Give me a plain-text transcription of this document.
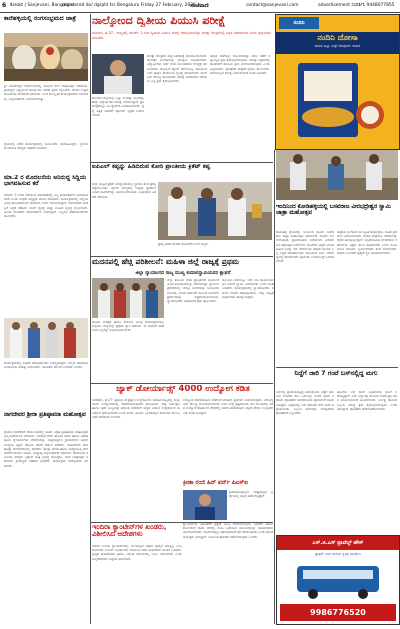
6 ಕೋಲಾರ | Sanjevani, Bangalore
registered do/ dgrphl tsr Bengaluru Friday 27 February, 2026
ಸಂಜೆವಾಣಿ	contact@sanjevani.com	advertisement ಸಂಪರ್ಕಿಸಿ 9448077855
ಕಾರೆಹಳ್ಳಿಯಲ್ಲಿ ರಂಗಸಂಭ್ರಮದ ಜಾತ್ರೆ
ಶ್ರೀ ಸೋಮೇಶ್ವರ ದೇವಾಲಯದಲ್ಲಿ ವಾರ್ಷಿಕ ರಂಗ ಮಹೋತ್ಸವ ನಡೆಯಿತು. ಗ್ರಾಮಸ್ಥರು ಭಕ್ತಿಯಿಂದ ಪಾಲ್ಗೊಂಡು ವಿಶೇಷ ಪೂಜೆ ಸಲ್ಲಿಸಿದರು. ದೇವರ ಉತ್ಸವ ಮೂರ್ತಿಯ ಮೆರವಣಿಗೆ ನಡೆಯಿತು. ಸಂಜೆ ಸಾಂಸ್ಕೃತಿಕ ಕಾರ್ಯಕ್ರಮಗಳು ಜರುಗಿದವು. ಅನ್ನಸಂತರ್ಪಣೆ ಏರ್ಪಡಿಸಲಾಗಿತ್ತು.
ನಾಲ್ಕೋಂದ ದ್ವಿತೀಯ ಪಿಯುಸಿ ಪರೀಕ್ಷೆ
ಕೋಲಾರ, ಫೆ.27 - ರಾಜ್ಯದಲ್ಲಿ ಮಾರ್ಚ್ 1 ರಿಂದ ದ್ವಿತೀಯ ಪಿಯುಸಿ ಪರೀಕ್ಷೆ ಆರಂಭವಾಗಲಿದ್ದು ಪರೀಕ್ಷಾ ಕೇಂದ್ರಗಳಲ್ಲಿ ಸಿದ್ಧತೆ ನಡೆಸಲಾಗಿದೆ ಎಂದು ಜಿಲ್ಲಾಧಿಕಾರಿ ತಿಳಿಸಿದರು.
ಕೋಲಾರ ಜಿಲ್ಲೆಯಲ್ಲಿ ಒಟ್ಟು ನಲವತ್ತು ಸಾವಿರಕ್ಕೂ ಹೆಚ್ಚು ವಿದ್ಯಾರ್ಥಿಗಳು ಪರೀಕ್ಷೆ ಬರೆಯಲಿದ್ದಾರೆ. ಪ್ರತಿ ಕೇಂದ್ರದಲ್ಲೂ ಸಿಸಿ ಕ್ಯಾಮೆರಾ ಅಳವಡಿಸಲಾಗಿದೆ. ಪ್ರಶ್ನೆ ಪತ್ರಿಕೆ ಸಾಗಣೆಗೆ ಪೊಲೀಸ್ ಭದ್ರತೆ ಒದಗಿಸಲಾಗಿದೆ.
ಪರೀಕ್ಷಾ ಕೇಂದ್ರಗಳ ಸುತ್ತ ನಿಷೇಧಾಜ್ಞೆ ಜಾರಿಗೊಳಿಸಲಾಗಿದೆ. ಝೆರಾಕ್ಸ್ ಅಂಗಡಿಗಳನ್ನು ಮುಚ್ಚಲು ಸೂಚಿಸಲಾಗಿದೆ. ವಿದ್ಯಾರ್ಥಿಗಳು ಅರ್ಧ ಗಂಟೆ ಮುಂಚಿತವಾಗಿ ಕೇಂದ್ರಕ್ಕೆ ಆಗಮಿಸಬೇಕು. ಮೊಬೈಲ್ ಫೋನ್ ತರುವಂತಿಲ್ಲ. ಕುಡಿಯುವ ನೀರು ಹಾಗೂ ಶೌಚಾಲಯ ವ್ಯವಸ್ಥೆ ಮಾಡಲಾಗಿದೆ. ಸಾರಿಗೆ ಬಸ್ ಸೌಲಭ್ಯ ಕಲ್ಪಿಸಲಾಗಿದೆ. ಪರೀಕ್ಷೆ ಸುಗಮವಾಗಿ ನಡೆಯಲು ಎಲ್ಲ ಕ್ರಮ ಕೈಗೊಳ್ಳಲಾಗಿದೆ.
ಜಾಗೃತ ದಳಗಳನ್ನು ನೇಮಿಸಲಾಗಿದ್ದು ನಕಲು ತಡೆಗೆ ಕಟ್ಟುನಿಟ್ಟಿನ ಕ್ರಮ ಕೈಗೊಳ್ಳಲಾಗುವುದು. ಪರೀಕ್ಷಾ ಅಕ್ರಮದಲ್ಲಿ ತೊಡಗಿದರೆ ಕಾನೂನು ಕ್ರಮ ಜರುಗಿಸಲಾಗುವುದು ಎಂದು ಎಚ್ಚರಿಸಿದರು. ಪೋಷಕರು ಮಕ್ಕಳಿಗೆ ಧೈರ್ಯ ತುಂಬಬೇಕು. ಆತಂಕವಿಲ್ಲದೆ ಪರೀಕ್ಷೆ ಎದುರಿಸುವಂತೆ ಸಲಹೆ ನೀಡಿದರು.
ನಂದಿನಿ
ನಂದಿನಿ ದೋಸಾ
ದೋಸೆ ಹಿಟ್ಟು ಮಿಕ್ಸ್ ಪರಿಪೂರ್ಣ ದೋಸೆ
ಗ್ರಾಮದಲ್ಲಿ ನಡೆದ ಕಾರ್ಯಕ್ರಮದಲ್ಲಿ ಮುಖಂಡರು ಭಾಗವಹಿಸಿದ್ದರು. ಸ್ಥಳೀಯ ಪಂಚಾಯಿತಿ ಸದಸ್ಯರು ಸಹಕಾರ ನೀಡಿದರು.
ಮಾ.2 ರ ಮೊದಲನೆಯ ಅನಿರುದ್ದ ಸಿದ್ದಿಯ ಭಾಗವಹಿಸುವ ಕರೆ
ಮಾರ್ಚ್ 2 ರಂದು ನಡೆಯುವ ಸಮಾವೇಶದಲ್ಲಿ ಎಲ್ಲ ಕಾರ್ಯಕರ್ತರು ಭಾಗವಹಿಸಬೇಕು ಎಂದು ಸಂಘದ ಅಧ್ಯಕ್ಷರು ಮನವಿ ಮಾಡಿದರು. ಕಾರ್ಯಕ್ರಮದಲ್ಲಿ ಜಿಲ್ಲೆಯ ವಿವಿಧ ತಾಲೂಕುಗಳಿಂದ ಸಾವಿರಾರು ಜನರು ಆಗಮಿಸಲಿದ್ದಾರೆ. ಸಮಾವೇಶದ ಯಶಸ್ಸಿಗೆ ಸಿದ್ಧತೆ ನಡೆದಿದೆ. ಸಾರಿಗೆ ವ್ಯವಸ್ಥೆ ಮತ್ತು ಊಟದ ವ್ಯವಸ್ಥೆ ಕಲ್ಪಿಸಲಾಗಿದೆ. ಹಿರಿಯ ನಾಯಕರು ಮಾರ್ಗದರ್ಶನ ನೀಡಲಿದ್ದಾರೆ. ಎಲ್ಲರೂ ಸಹಕರಿಸಬೇಕೆಂದು ಕೋರಿದರು.
ಕಾರ್ಯಕ್ರಮದಲ್ಲಿ ಸಂಘದ ಪದಾಧಿಕಾರಿಗಳು ಉಪಸ್ಥಿತರಿದ್ದರು. ಗಣ್ಯರು ಮಾತನಾಡಿ ಸಂಘಟನೆಯ ಮಹತ್ವ ವಿವರಿಸಿದರು. ಯುವಕರು ಮುಂದೆ ಬರಬೇಕು ಎಂದರು.
ನಾಗದೇವರ ಶ್ರೀರಾ ಪ್ರತಿಷ್ಠಾಪನಾ ಮಹೋತ್ಸವ
ಗ್ರಾಮದ ನಾಗದೇವರ ದೇವಾಲಯದಲ್ಲಿ ನೂತನ ವಿಗ್ರಹ ಪ್ರತಿಷ್ಠಾಪನಾ ಮಹೋತ್ಸವ ವಿಜೃಂಭಣೆಯಿಂದ ನಡೆಯಿತು. ಬೆಳಗ್ಗೆಯಿಂದಲೇ ಹೋಮ ಹವನ ಹಾಗೂ ವಿಶೇಷ ಪೂಜಾ ಕೈಂಕರ್ಯಗಳು ನೆರವೇರಿದವು. ಸುತ್ತಮುತ್ತಲಿನ ಗ್ರಾಮಗಳಿಂದ ಅಪಾರ ಸಂಖ್ಯೆಯ ಭಕ್ತರು ಆಗಮಿಸಿ ದೇವರ ದರ್ಶನ ಪಡೆದರು. ಮಹಿಳೆಯರು ಕಳಸ ಹೊತ್ತು ಮೆರವಣಿಗೆಯಲ್ಲಿ ಸಾಗಿದರು. ಡೊಳ್ಳು ಕುಣಿತ ಹಾಗೂ ವಾದ್ಯಗೋಷ್ಠಿ ಮೆರವಣಿಗೆಗೆ ಮೆರುಗು ನೀಡಿತು. ಮಧ್ಯಾಹ್ನ ಅನ್ನಸಂತರ್ಪಣೆ ನಡೆಯಿತು. ದೇವಾಲಯ ಸಮಿತಿಯ ಸದಸ್ಯರು ಭಕ್ತರಿಗೆ ಸೂಕ್ತ ವ್ಯವಸ್ಥೆ ಕಲ್ಪಿಸಿದ್ದರು. ಸಂಜೆ ದೀಪೋತ್ಸವ ನಡೆಯಿತು. ಗ್ರಾಮಸ್ಥರು ಸಹಕಾರ ನೀಡಿದರು. ಕಾರ್ಯಕ್ರಮ ಯಶಸ್ವಿಯಾಗಿ ನೆರವೇರಿತು.
ಐಪಿಎಲ್ ಕಪ್ಪನ್ನು ಹಿಡಿದಿರುವ ಕೋರಿ ಪ್ರಾಂತೀಯ ಕ್ರಿಕೆಟ್ ಕಪ್ಪ
ಜಿಲ್ಲಾ ಮಟ್ಟದ ಕ್ರಿಕೆಟ್ ಪಂದ್ಯಾವಳಿಯಲ್ಲಿ ಸ್ಥಳೀಯ ತಂಡ ಪ್ರಶಸ್ತಿ ಗೆದ್ದುಕೊಂಡಿತು. ಫೈನಲ್ ಪಂದ್ಯದಲ್ಲಿ ಉತ್ತಮ ಪ್ರದರ್ಶನ ನೀಡಿದ ಆಟಗಾರರನ್ನು ಅಭಿನಂದಿಸಲಾಯಿತು. ಬಹುಮಾನ ವಿತರಣೆ ನಡೆಯಿತು.
ಪ್ರಶಸ್ತಿ ಪಡೆದ ತಂಡದ ಆಟಗಾರರೊಂದಿಗೆ ಗಣ್ಯರು.
ಇಂದಿನಿಂದ ಕೋಡಿಹಳ್ಳಿಯಲ್ಲಿ ಬಸವರಾಜ ವೀರಭದ್ರೇಶ್ವರ ಸ್ವಾಮಿ ಜಾತ್ರಾ ಮಹೋತ್ಸವ
ಕೋಡಿಹಳ್ಳಿ ಗ್ರಾಮದಲ್ಲಿ ಇಂದಿನಿಂದ ಮೂರು ದಿನಗಳ ಕಾಲ ಜಾತ್ರಾ ಮಹೋತ್ಸವ ನಡೆಯಲಿದೆ. ಮೊದಲ ದಿನ ಗಂಗಾಪೂಜೆ, ಧ್ವಜಾರೋಹಣ ನಡೆಯಲಿದೆ. ಎರಡನೇ ದಿನ ರಥೋತ್ಸವ ಜರುಗಲಿದೆ. ಸಾವಿರಾರು ಭಕ್ತರು ಭಾಗವಹಿಸುವ ನಿರೀಕ್ಷೆ ಇದೆ. ದೇವಾಲಯ ಆಡಳಿತ ಮಂಡಳಿ ಎಲ್ಲ ಸಿದ್ಧತೆ ಮಾಡಿಕೊಂಡಿದೆ. ಕುಡಿಯುವ ನೀರು, ನೆರಳಿನ ವ್ಯವಸ್ಥೆ ಮಾಡಲಾಗಿದೆ. ಪೊಲೀಸ್ ಬಂದೋಬಸ್ತ್ ಒದಗಿಸಲಾಗಿದೆ.
ಜಾತ್ರೆಯ ಅಂಗವಾಗಿ ಸಾಂಸ್ಕೃತಿಕ ಕಾರ್ಯಕ್ರಮ, ನಾಟಕ ಪ್ರದರ್ಶನ ಏರ್ಪಡಿಸಲಾಗಿದೆ. ದನಗಳ ಜಾತ್ರೆಯೂ ನಡೆಯಲಿದ್ದು ರೈತರು ಪಾಲ್ಗೊಳ್ಳಲಿದ್ದಾರೆ. ಅನ್ನದಾಸೋಹ ನಿರಂತರವಾಗಿ ನಡೆಯಲಿದೆ. ಭಕ್ತರು ಶಾಂತಿ ಕಾಪಾಡಬೇಕು ಎಂದು ಸಮಿತಿ ಮನವಿ ಮಾಡಿದೆ. ಸ್ವಯಂಸೇವಕರ ತಂಡ ರಚಿಸಲಾಗಿದೆ. ವಾಹನ ನಿಲುಗಡೆಗೆ ಪ್ರತ್ಯೇಕ ಸ್ಥಳ ನಿಗದಿಪಡಿಸಲಾಗಿದೆ.
ಮದನಪಲ್ಲಿ ಹೆಚ್ಚಿ ಪರಿಶೀಲನೆ: ಮಹಿಳಾ ಜಿಲ್ಲೆ ರಾಜ್ಯಕ್ಕೆ ಪ್ರಥಮ
ಜಿಲ್ಲಾ ನ್ಯಾಯಾಂಗದ ರಾಜ್ಯ ಮುಖ್ಯ ಕುಮಾರಸ್ವಾಮಿಯವರ ಶ್ಲಾಘನೆ
ಮಹಿಳಾ ಸುರಕ್ಷತೆ ಹಾಗೂ ಕಾನೂನು ಅರಿವು ಕಾರ್ಯಕ್ರಮಗಳಲ್ಲಿ ಜಿಲ್ಲೆಯು ರಾಜ್ಯದಲ್ಲೇ ಪ್ರಥಮ ಸ್ಥಾನ ಪಡೆದಿದೆ. ಈ ಸಾಧನೆಗೆ ಸಹಕರಿಸಿದ ಎಲ್ಲರನ್ನು ಅಭಿನಂದಿಸಲಾಯಿತು.
ಜಿಲ್ಲಾ ಕಾನೂನು ಸೇವಾ ಪ್ರಾಧಿಕಾರದ ವತಿಯಿಂದ ವಿವಿಧ ಅಭಿಯಾನಗಳನ್ನು ನಡೆಸಲಾಗಿತ್ತು. ಗ್ರಾಮೀಣ ಪ್ರದೇಶಗಳಲ್ಲಿ ಜಾಗೃತಿ ಶಿಬಿರಗಳನ್ನು ಆಯೋಜಿಸಲಾಯಿತು. ಲೋಕ ಅದಾಲತ್ ಮೂಲಕ ಸಾವಿರಾರು ಪ್ರಕರಣಗಳನ್ನು ಇತ್ಯರ್ಥಪಡಿಸಲಾಯಿತು. ನ್ಯಾಯಾಧೀಶರು ಅಧಿಕಾರಿಗಳ ಶ್ರಮ ಶ್ಲಾಘಿಸಿದರು.
ಮುಂದಿನ ದಿನಗಳಲ್ಲೂ ಇದೇ ರೀತಿ ಕಾರ್ಯನಿರ್ವಹಿಸಿ ಜನರಿಗೆ ನ್ಯಾಯ ಒದಗಿಸಬೇಕು ಎಂದು ಸಲಹೆ ನೀಡಿದರು. ಕಾರ್ಯಕ್ರಮದಲ್ಲಿ ನ್ಯಾಯಾಧೀಶರು, ವಕೀಲರ ಸಂಘದ ಪದಾಧಿಕಾರಿಗಳು, ಜಿಲ್ಲಾ ಮಟ್ಟದ ಅಧಿಕಾರಿಗಳು ಪಾಲ್ಗೊಂಡಿದ್ದರು.
ನಿದ್ದೆಗೆ ಜಾರಿ 7 ಗಂಟೆ ಬಸ್‌ನಲ್ಲಿದ್ದ ಮಗು
ಬಸ್‌ನಲ್ಲಿ ಪ್ರಯಾಣಿಸುತ್ತಿದ್ದ ಮಗುವೊಂದು ನಿದ್ದೆಗೆ ಜಾರಿ ಏಳು ಗಂಟೆಗಳ ಕಾಲ ಬಸ್‌ನಲ್ಲೇ ಉಳಿದ ಘಟನೆ ನಡೆದಿದೆ. ಪೋಷಕರು ಆತಂಕಗೊಂಡು ಪೊಲೀಸರಿಗೆ ದೂರು ನೀಡಿದ್ದರು. ಡಿಪೋದಲ್ಲಿ ಬಸ್ ತಪಾಸಣೆ ವೇಳೆ ಮಗು ಪತ್ತೆಯಾಯಿತು. ಸಿಬ್ಬಂದಿ ಮಗುವನ್ನು ಸುರಕ್ಷಿತವಾಗಿ ಪೋಷಕರಿಗೆ ಒಪ್ಪಿಸಿದರು.
ಘಟನೆಯ ಬಗ್ಗೆ ಸಾರಿಗೆ ಅಧಿಕಾರಿಗಳು ತನಿಖೆ ನಡೆಸುತ್ತಿದ್ದಾರೆ. ಬಸ್ ನಿಲ್ದಾಣಕ್ಕೆ ತಲುಪಿದ ನಂತರ ಪ್ರತಿ ಆಸನ ಪರಿಶೀಲಿಸುವಂತೆ ಸೂಚಿಸಲಾಗಿದೆ. ನಿರ್ಲಕ್ಷ್ಯ ತೋರಿದ ಸಿಬ್ಬಂದಿ ವಿರುದ್ಧ ಕ್ರಮ ಕೈಗೊಳ್ಳಲಾಗುವುದು ಎಂದು ತಿಳಿಸಿದ್ದಾರೆ. ಪೋಷಕರು ಜಾಗರೂಕರಾಗಿರಬೇಕು.
ಜ್ಯಾಕ್‌ ಡೋರ್ಯಾಡ್ಸ್ 4000 ಉದ್ಯೋಗ ಕಡಿತ
ನವದೆಹಲಿ, ಫೆ.27- ಪ್ರಮುಖ ತಂತ್ರಜ್ಞಾನ ಸಂಸ್ಥೆಯೊಂದು ಜಾಗತಿಕ ಮಟ್ಟದಲ್ಲಿ ನಾಲ್ಕು ಸಾವಿರ ಉದ್ಯೋಗಗಳನ್ನು ಕಡಿತಗೊಳಿಸುವುದಾಗಿ ಘೋಷಿಸಿದೆ. ವೆಚ್ಚ ನಿಯಂತ್ರಣ ಹಾಗೂ ಕೃತಕ ಬುದ್ಧಿಮತ್ತೆ ಆಧಾರಿತ ಸೇವೆಗಳಿಗೆ ಆದ್ಯತೆ ನೀಡುವ ಉದ್ದೇಶದಿಂದ ಈ ನಿರ್ಧಾರ ಕೈಗೊಳ್ಳಲಾಗಿದೆ ಎಂದು ಕಂಪನಿ ತಿಳಿಸಿದೆ. ಭಾರತದಲ್ಲಿನ ಕಚೇರಿಗಳ ಮೇಲೂ ಇದರ ಪರಿಣಾಮ ಬೀರಲಿದೆ.
ಉದ್ಯೋಗ ಕಳೆದುಕೊಳ್ಳುವ ನೌಕರರಿಗೆ ಪರಿಹಾರ ಪ್ಯಾಕೇಜ್ ನೀಡಲಾಗುವುದು. ಆರೋಗ್ಯ ವಿಮೆ ಸೌಲಭ್ಯ ಮುಂದುವರಿಯಲಿದೆ ಎಂದು ಸಂಸ್ಥೆ ಸ್ಪಷ್ಟಪಡಿಸಿದೆ. ಐಟಿ ವಲಯದಲ್ಲಿ ಸತತ ಉದ್ಯೋಗ ಕಡಿತದಿಂದ ನೌಕರರಲ್ಲಿ ಆತಂಕ ಮನೆಮಾಡಿದೆ. ತಜ್ಞರು ಕೌಶಲ ಉನ್ನತೀಕರಣಕ್ಕೆ ಸಲಹೆ ನೀಡಿದ್ದಾರೆ.
ಕ್ರೀಡಾ ರಂಜಿ ಹಿರ್ ಪರ್ನ್ ಪಿಎಸ್ಐ
ಕ್ರೀಡಾಪಟುವೊಬ್ಬರು ರಾಷ್ಟ್ರಮಟ್ಟದ ಸ್ಪರ್ಧೆಯಲ್ಲಿ ಚಿನ್ನದ ಪದಕ ಗೆದ್ದಿದ್ದಾರೆ.
ಇಂದಿರಾ ಕ್ಯಾಂಟೀನ್‌ಗಳ ಖಂಡರು, ವಿಶೀಲಿಸಿದ ಆದೇಶಗಳು
ನಗರದ ಇಂದಿರಾ ಕ್ಯಾಂಟೀನ್‌ಗಳಲ್ಲಿ ಗುಣಮಟ್ಟದ ಆಹಾರ ಪೂರೈಕೆ ಆಗುತ್ತಿಲ್ಲ ಎಂಬ ದೂರುಗಳು ಬಂದಿವೆ. ಅಧಿಕಾರಿಗಳು ಪರಿಶೀಲನೆ ನಡೆಸಿ ಸುಧಾರಣೆಗೆ ಸೂಚನೆ ನೀಡಿದರು. ಸ್ವಚ್ಛತೆ ಕಾಪಾಡಬೇಕು ಹಾಗೂ ನಿಗದಿತ ಸಮಯದಲ್ಲಿ ಊಟ ವಿತರಿಸಬೇಕು ಎಂದು ಗುತ್ತಿಗೆದಾರರಿಗೆ ಎಚ್ಚರಿಕೆ ನೀಡಲಾಗಿದೆ.
ಕ್ಯಾಂಟೀನ್‌ಗಳ ನಿರ್ವಹಣೆಗೆ ಪ್ರತ್ಯೇಕ ಸಮಿತಿ ರಚಿಸಲಾಗುವುದು. ಬಡವರು ಹಾಗೂ ಕಾರ್ಮಿಕರಿಗೆ ಕಡಿಮೆ ದರದಲ್ಲಿ ಊಟ ಒದಗಿಸುವ ಯೋಜನೆಯನ್ನು ಸಮರ್ಪಕವಾಗಿ ಜಾರಿಗೊಳಿಸಬೇಕು. ದೂರುಗಳಿದ್ದಲ್ಲಿ ಸಹಾಯವಾಣಿಗೆ ಕರೆ ಮಾಡಬಹುದು ಎಂದು ಪಾಲಿಕೆ ಆಯುಕ್ತರು ತಿಳಿಸಿದ್ದಾರೆ. ನಿಯಮಿತ ತಪಾಸಣೆ ನಡೆಸಲಾಗುವುದು ಎಂದರು.
ಎಸ್.ಜಿ.ಎಸ್ ಟ್ರಾವೆಲ್ಸ್ ಹೌಸ್
ಟ್ರಾಕ್ಟರ್ ನಿಂದ ಮನೆಯ ಸ್ಥಳಕ್ಕೆ ಸಂಪರ್ಕಿಸಿ
9986776520
